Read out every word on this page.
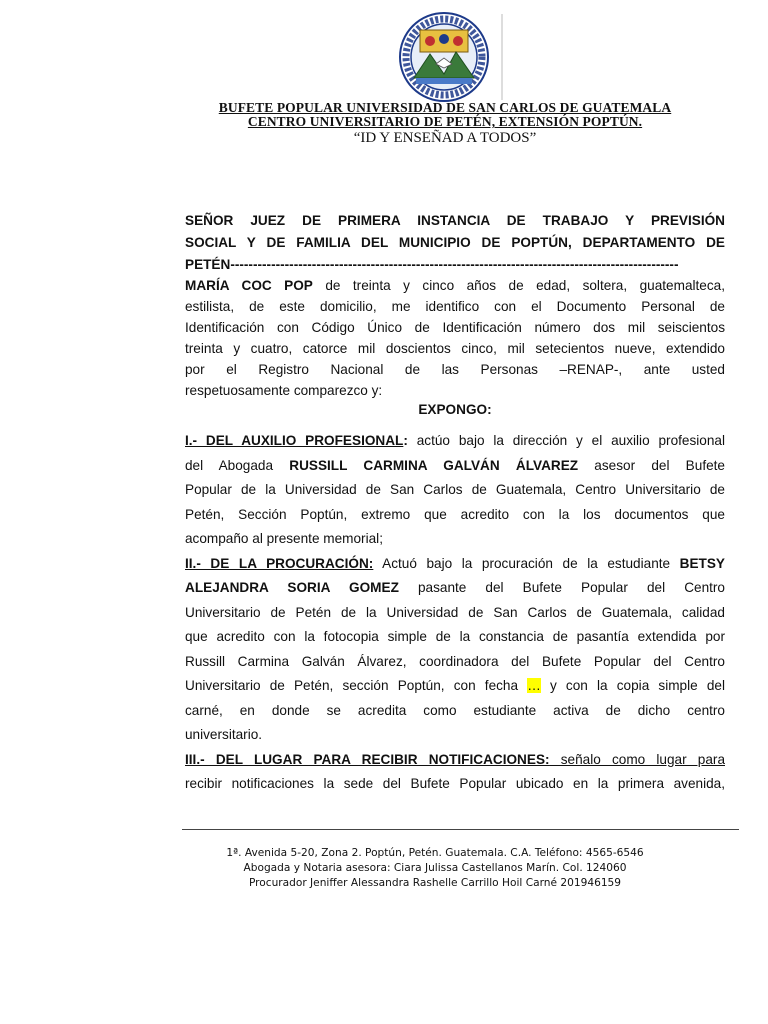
BUFETE POPULAR UNIVERSIDAD DE SAN CARLOS DE GUATEMALA
CENTRO UNIVERSITARIO DE PETÉN, EXTENSIÓN POPTÚN.
“ID Y ENSEÑAD A TODOS”
SEÑOR JUEZ DE PRIMERA INSTANCIA DE TRABAJO Y PREVISIÓN
SOCIAL Y DE FAMILIA DEL MUNICIPIO DE POPTÚN, DEPARTAMENTO DE
PETÉN---------------------------------------------------------------------------------------------------
MARÍA COC POP de treinta y cinco años de edad, soltera, guatemalteca,
estilista, de este domicilio, me identifico con el Documento Personal de
Identificación con Código Único de Identificación número dos mil seiscientos
treinta y cuatro, catorce mil doscientos cinco, mil setecientos nueve, extendido
por el Registro Nacional de las Personas –RENAP-, ante usted
respetuosamente comparezco y:
EXPONGO:
I.- DEL AUXILIO PROFESIONAL: actúo bajo la dirección y el auxilio profesional
del Abogada RUSSILL CARMINA GALVÁN ÁLVAREZ asesor del Bufete
Popular de la Universidad de San Carlos de Guatemala, Centro Universitario de
Petén, Sección Poptún, extremo que acredito con la los documentos que
acompaño al presente memorial;
II.- DE LA PROCURACIÓN: Actuó bajo la procuración de la estudiante BETSY
ALEJANDRA SORIA GOMEZ pasante del Bufete Popular del Centro
Universitario de Petén de la Universidad de San Carlos de Guatemala, calidad
que acredito con la fotocopia simple de la constancia de pasantía extendida por
Russill Carmina Galván Álvarez, coordinadora del Bufete Popular del Centro
Universitario de Petén, sección Poptún, con fecha … y con la copia simple del
carné, en donde se acredita como estudiante activa de dicho centro
universitario.
III.- DEL LUGAR PARA RECIBIR NOTIFICACIONES: señalo como lugar para
recibir notificaciones la sede del Bufete Popular ubicado en la primera avenida,
1ª. Avenida 5-20, Zona 2. Poptún, Petén. Guatemala. C.A. Teléfono: 4565-6546
Abogada y Notaria asesora: Ciara Julissa Castellanos Marín. Col. 124060
Procurador Jeniffer Alessandra Rashelle Carrillo Hoil Carné 201946159
